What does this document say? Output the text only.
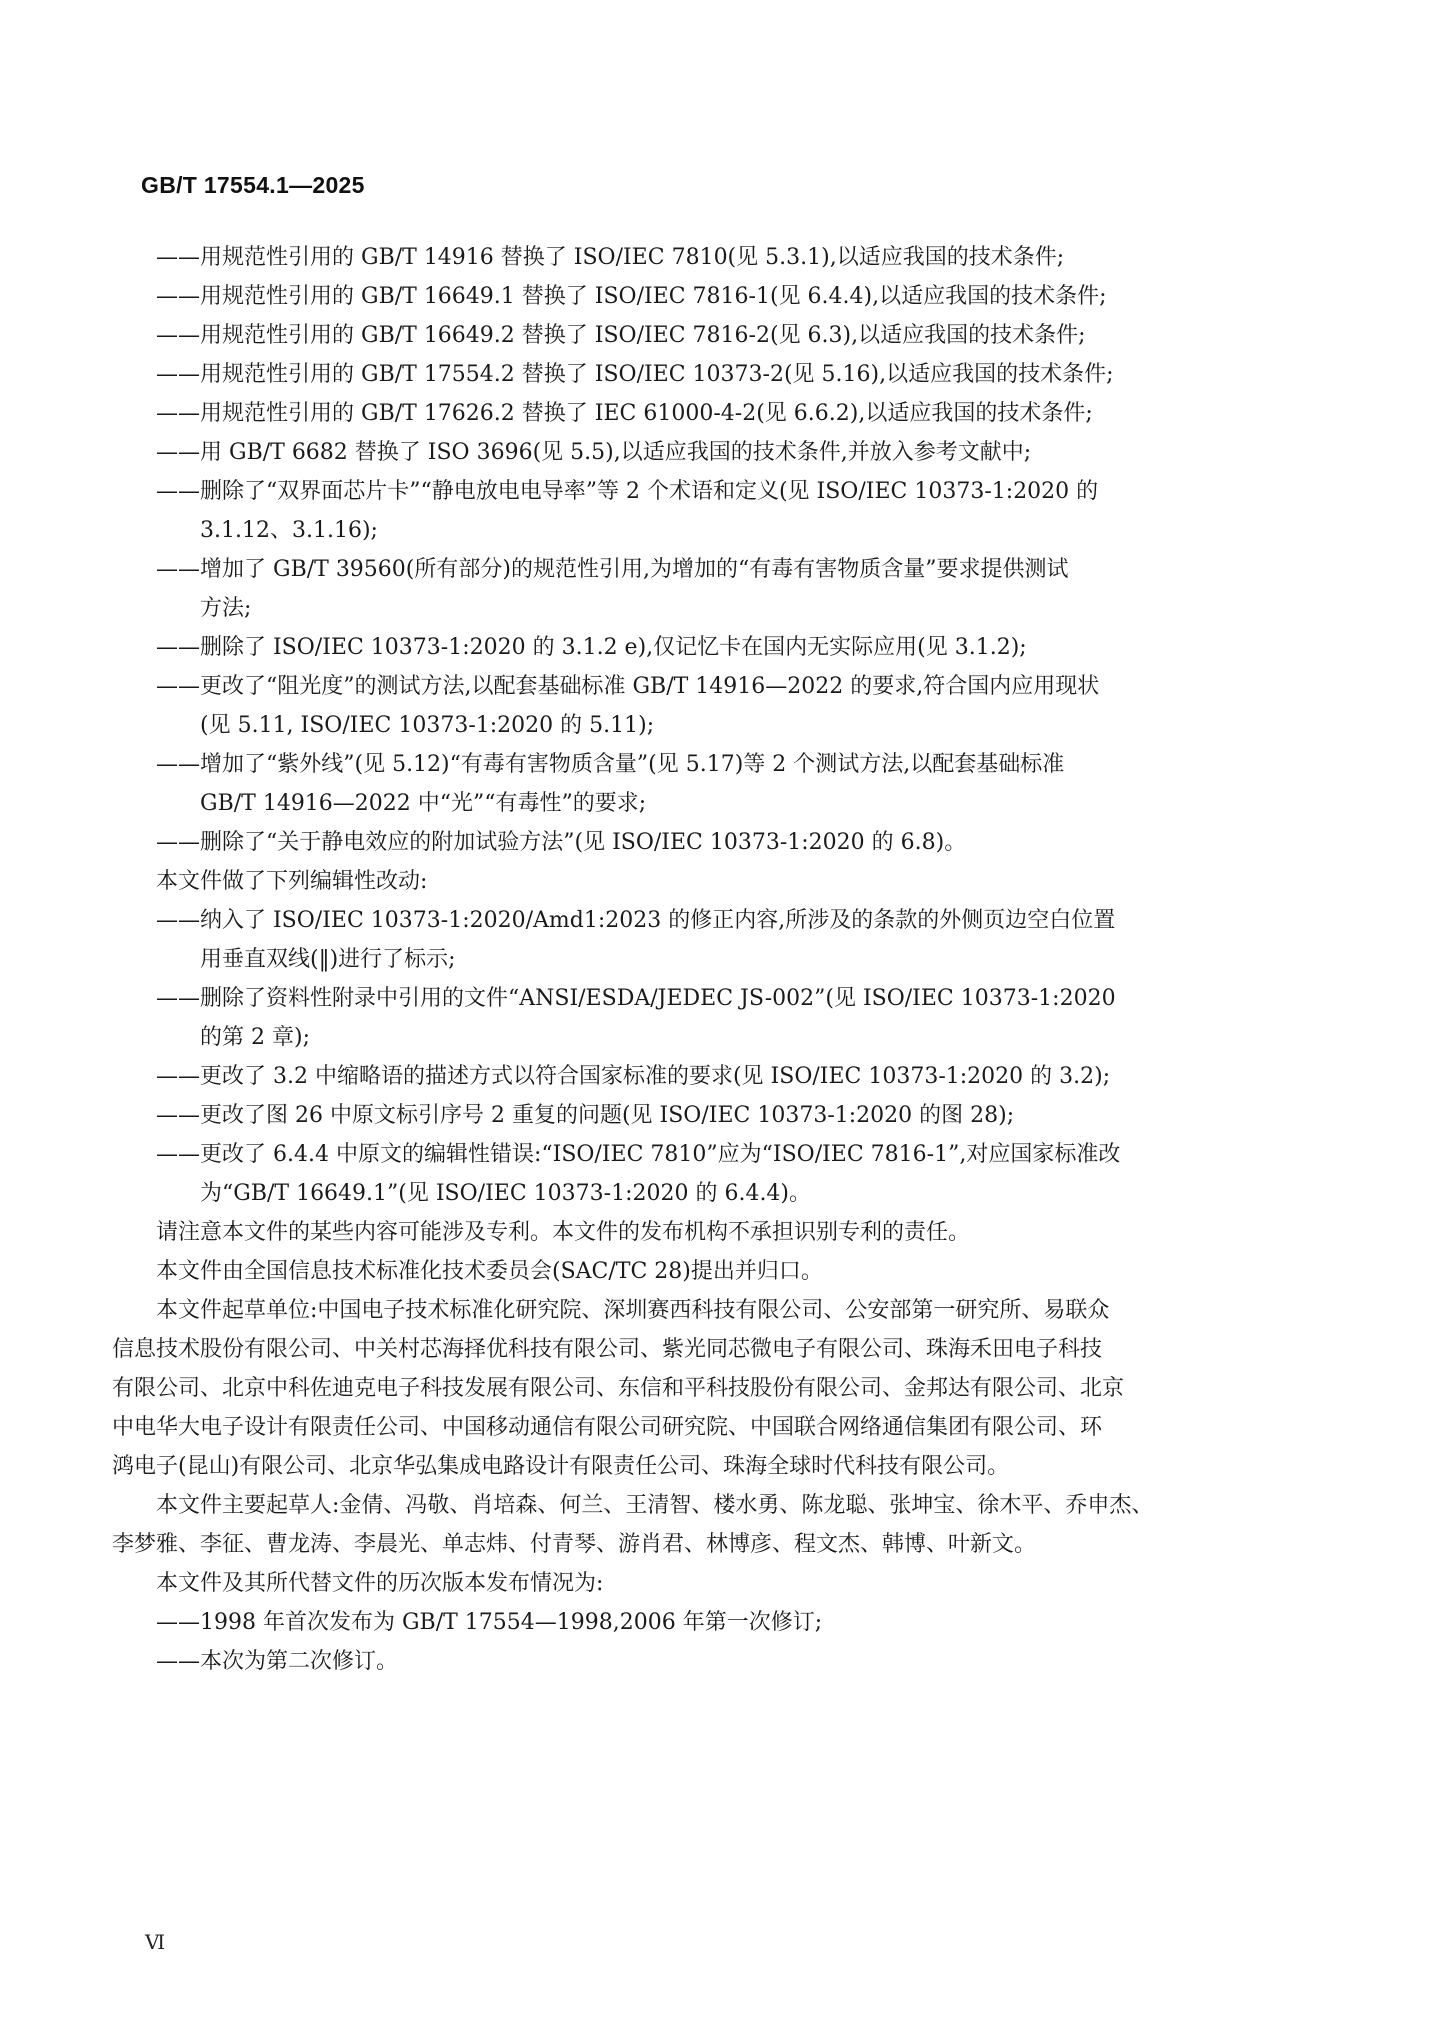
GB/T 17554.1—2025
——用规范性引用的 GB/T 14916 替换了 ISO/IEC 7810(见 5.3.1),以适应我国的技术条件;
——用规范性引用的 GB/T 16649.1 替换了 ISO/IEC 7816-1(见 6.4.4),以适应我国的技术条件;
——用规范性引用的 GB/T 16649.2 替换了 ISO/IEC 7816-2(见 6.3),以适应我国的技术条件;
——用规范性引用的 GB/T 17554.2 替换了 ISO/IEC 10373-2(见 5.16),以适应我国的技术条件;
——用规范性引用的 GB/T 17626.2 替换了 IEC 61000-4-2(见 6.6.2),以适应我国的技术条件;
——用 GB/T 6682 替换了 ISO 3696(见 5.5),以适应我国的技术条件,并放入参考文献中;
——删除了“双界面芯片卡”“静电放电电导率”等 2 个术语和定义(见 ISO/IEC 10373-1:2020 的
3.1.12、3.1.16);
——增加了 GB/T 39560(所有部分)的规范性引用,为增加的“有毒有害物质含量”要求提供测试
方法;
——删除了 ISO/IEC 10373-1:2020 的 3.1.2 e),仅记忆卡在国内无实际应用(见 3.1.2);
——更改了“阻光度”的测试方法,以配套基础标准 GB/T 14916—2022 的要求,符合国内应用现状
(见 5.11, ISO/IEC 10373-1:2020 的 5.11);
——增加了“紫外线”(见 5.12)“有毒有害物质含量”(见 5.17)等 2 个测试方法,以配套基础标准
GB/T 14916—2022 中“光”“有毒性”的要求;
——删除了“关于静电效应的附加试验方法”(见 ISO/IEC 10373-1:2020 的 6.8)。
本文件做了下列编辑性改动:
——纳入了 ISO/IEC 10373-1:2020/Amd1:2023 的修正内容,所涉及的条款的外侧页边空白位置
用垂直双线(‖)进行了标示;
——删除了资料性附录中引用的文件“ANSI/ESDA/JEDEC JS-002”(见 ISO/IEC 10373-1:2020
的第 2 章);
——更改了 3.2 中缩略语的描述方式以符合国家标准的要求(见 ISO/IEC 10373-1:2020 的 3.2);
——更改了图 26 中原文标引序号 2 重复的问题(见 ISO/IEC 10373-1:2020 的图 28);
——更改了 6.4.4 中原文的编辑性错误:“ISO/IEC 7810”应为“ISO/IEC 7816-1”,对应国家标准改
为“GB/T 16649.1”(见 ISO/IEC 10373-1:2020 的 6.4.4)。
请注意本文件的某些内容可能涉及专利。本文件的发布机构不承担识别专利的责任。
本文件由全国信息技术标准化技术委员会(SAC/TC 28)提出并归口。
本文件起草单位:中国电子技术标准化研究院、深圳赛西科技有限公司、公安部第一研究所、易联众
信息技术股份有限公司、中关村芯海择优科技有限公司、紫光同芯微电子有限公司、珠海禾田电子科技
有限公司、北京中科佐迪克电子科技发展有限公司、东信和平科技股份有限公司、金邦达有限公司、北京
中电华大电子设计有限责任公司、中国移动通信有限公司研究院、中国联合网络通信集团有限公司、环
鸿电子(昆山)有限公司、北京华弘集成电路设计有限责任公司、珠海全球时代科技有限公司。
本文件主要起草人:金倩、冯敬、肖培森、何兰、王清智、楼水勇、陈龙聪、张坤宝、徐木平、乔申杰、
李梦雅、李征、曹龙涛、李晨光、单志炜、付青琴、游肖君、林博彦、程文杰、韩博、叶新文。
本文件及其所代替文件的历次版本发布情况为:
——1998 年首次发布为 GB/T 17554—1998,2006 年第一次修订;
——本次为第二次修订。
Ⅵ
